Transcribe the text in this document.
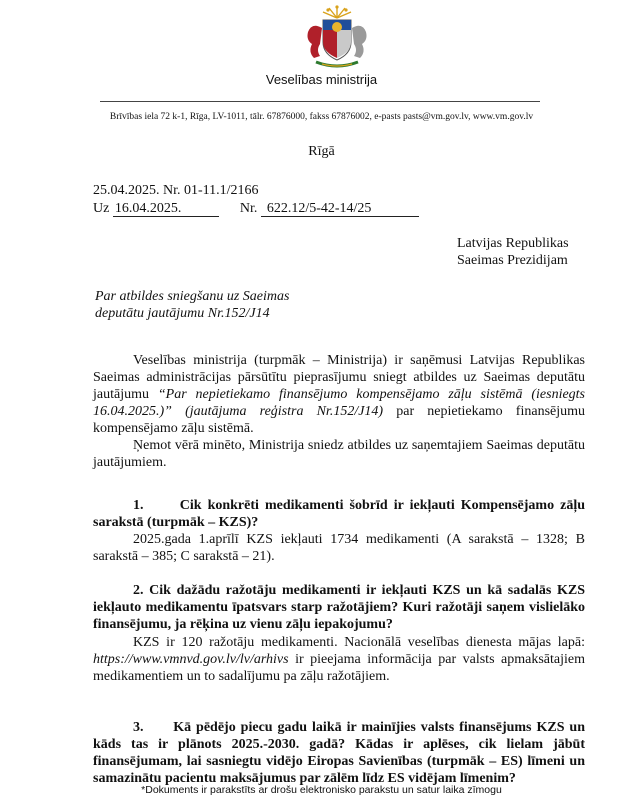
Veselības ministrija
Brīvības iela 72 k-1, Rīga, LV-1011, tālr. 67876000, fakss 67876002, e-pasts pasts@vm.gov.lv, www.vm.gov.lv
Rīgā
25.04.2025. Nr. 01-11.1/2166
Uz 16.04.2025.	Nr. 622.12/5-42-14/25
Latvijas Republikas
Saeimas Prezidijam
Par atbildes sniegšanu uz Saeimas
deputātu jautājumu Nr.152/J14

Veselības ministrija (turpmāk – Ministrija) ir saņēmusi Latvijas Republikas Saeimas administrācijas pārsūtītu pieprasījumu sniegt atbildes uz Saeimas deputātu jautājumu “Par nepietiekamo finansējumo kompensējamo zāļu sistēmā (iesniegts 16.04.2025.)” (jautājuma reģistra Nr.152/J14) par nepietiekamo finansējumu kompensējamo zāļu sistēmā.

Ņemot vērā minēto, Ministrija sniedz atbildes uz saņemtajiem Saeimas deputātu jautājumiem.

1.      Cik konkrēti medikamenti šobrīd ir iekļauti Kompensējamo zāļu sarakstā (turpmāk – KZS)?

2025.gada 1.aprīlī KZS iekļauti 1734 medikamenti (A sarakstā – 1328; B sarakstā – 385; C sarakstā – 21).

2. Cik dažādu ražotāju medikamenti ir iekļauti KZS un kā sadalās KZS iekļauto medikamentu īpatsvars starp ražotājiem? Kuri ražotāji saņem vislielāko finansējumu, ja rēķina uz vienu zāļu iepakojumu?

KZS ir 120 ražotāju medikamenti. Nacionālā veselības dienesta mājas lapā: https://www.vmnvd.gov.lv/lv/arhivs ir pieejama informācija par valsts apmaksātajiem medikamentiem un to sadalījumu pa zāļu ražotājiem.

3.      Kā pēdējo piecu gadu laikā ir mainījies valsts finansējums KZS un kāds tas ir plānots 2025.-2030. gadā? Kādas ir aplēses, cik lielam jābūt finansējumam, lai sasniegtu vidējo Eiropas Savienības (turpmāk – ES) līmeni un samazinātu pacientu maksājumus par zālēm līdz ES vidējam līmenim?

*Dokuments ir parakstīts ar drošu elektronisko parakstu un satur laika zīmogu
